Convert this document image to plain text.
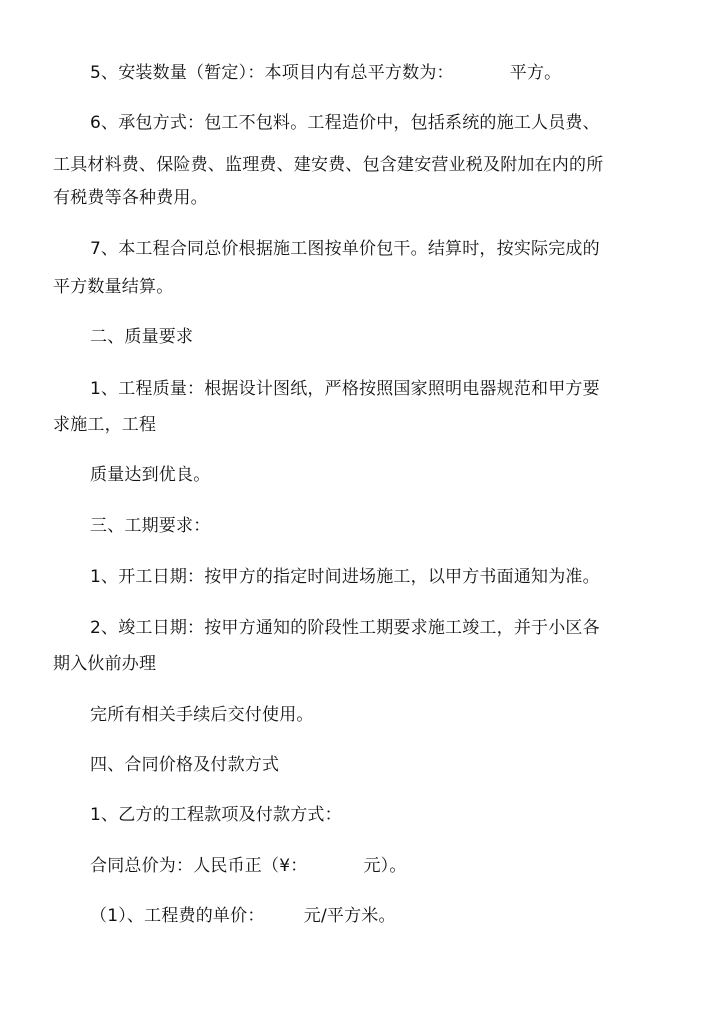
5、安装数量（暂定）：本项目内有总平方数为：          平方。
6、承包方式：包工不包料。工程造价中，包括系统的施工人员费、
工具材料费、保险费、监理费、建安费、包含建安营业税及附加在内的所
有税费等各种费用。
7、本工程合同总价根据施工图按单价包干。结算时，按实际完成的
平方数量结算。
二、质量要求
1、工程质量：根据设计图纸，严格按照国家照明电器规范和甲方要
求施工，工程
质量达到优良。
三、工期要求：
1、开工日期：按甲方的指定时间进场施工，以甲方书面通知为准。
2、竣工日期：按甲方通知的阶段性工期要求施工竣工，并于小区各
期入伙前办理
完所有相关手续后交付使用。
四、合同价格及付款方式
1、乙方的工程款项及付款方式：
合同总价为：人民币正（¥：          元）。
（1）、工程费的单价：       元/平方米。
